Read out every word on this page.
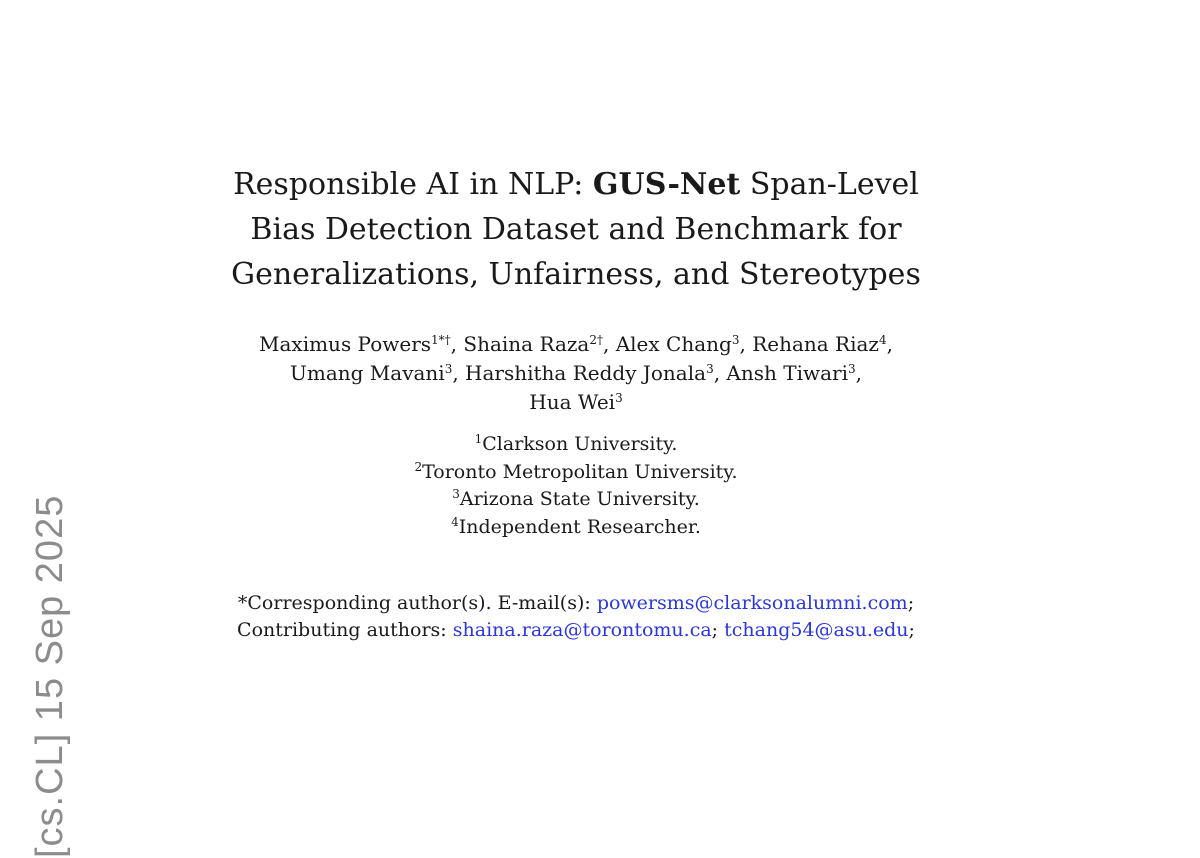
[cs.CL] 15 Sep 2025
Responsible AI in NLP: GUS-Net Span-Level
Bias Detection Dataset and Benchmark for
Generalizations, Unfairness, and Stereotypes
Maximus Powers$^{1*\dagger}$, Shaina Raza$^{2\dagger}$, Alex Chang$^3$, Rehana Riaz$^4$,
Umang Mavani$^3$, Harshitha Reddy Jonala$^3$, Ansh Tiwari$^3$,
Hua Wei$^3$
$^1$Clarkson University.
$^2$Toronto Metropolitan University.
$^3$Arizona State University.
$^4$Independent Researcher.
*Corresponding author(s). E-mail(s): powersms@clarksonalumni.com;
Contributing authors: shaina.raza@torontomu.ca; tchang54@asu.edu;
